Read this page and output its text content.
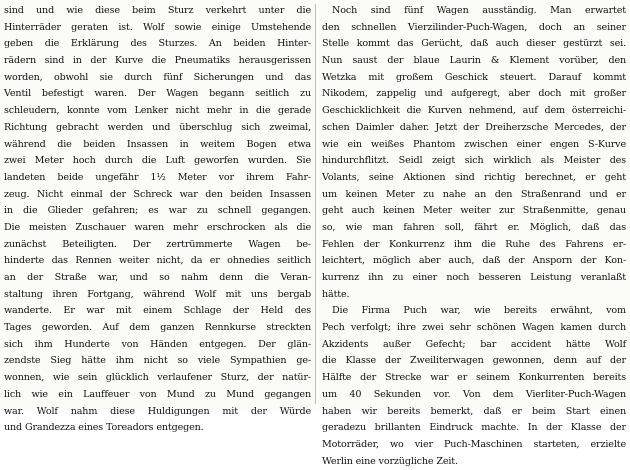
sind und wie diese beim Sturz verkehrt unter die
Hinterräder geraten ist. Wolf sowie einige Umstehende
geben die Erklärung des Sturzes. An beiden Hinter-
rädern sind in der Kurve die Pneumatiks herausgerissen
worden, obwohl sie durch fünf Sicherungen und das
Ventil befestigt waren. Der Wagen begann seitlich zu
schleudern, konnte vom Lenker nicht mehr in die gerade
Richtung gebracht werden und überschlug sich zweimal,
während die beiden Insassen in weitem Bogen etwa
zwei Meter hoch durch die Luft geworfen wurden. Sie
landeten beide ungefähr 1½ Meter vor ihrem Fahr-
zeug. Nicht einmal der Schreck war den beiden Insassen
in die Glieder gefahren; es war zu schnell gegangen.
Die meisten Zuschauer waren mehr erschrocken als die
zunächst Beteiligten. Der zertrümmerte Wagen be-
hinderte das Rennen weiter nicht, da er ohnedies seitlich
an der Straße war, und so nahm denn die Veran-
staltung ihren Fortgang, während Wolf mit uns bergab
wanderte. Er war mit einem Schlage der Held des
Tages geworden. Auf dem ganzen Rennkurse streckten
sich ihm Hunderte von Händen entgegen. Der glän-
zendste Sieg hätte ihm nicht so viele Sympathien ge-
wonnen, wie sein glücklich verlaufener Sturz, der natür-
lich wie ein Lauffeuer von Mund zu Mund gegangen
war. Wolf nahm diese Huldigungen mit der Würde
und Grandezza eines Toreadors entgegen.
Noch sind fünf Wagen ausständig. Man erwartet
den schnellen Vierzilinder-Puch-Wagen, doch an seiner
Stelle kommt das Gerücht, daß auch dieser gestürzt sei.
Nun saust der blaue Laurin & Klement vorüber, den
Wetzka mit großem Geschick steuert. Darauf kommt
Nikodem, zappelig und aufgeregt, aber doch mit großer
Geschicklichkeit die Kurven nehmend, auf dem österreichi-
schen Daimler daher. Jetzt der Dreiherzsche Mercedes, der
wie ein weißes Phantom zwischen einer engen S-Kurve
hindurchflitzt. Seidl zeigt sich wirklich als Meister des
Volants, seine Aktionen sind richtig berechnet, er geht
um keinen Meter zu nahe an den Straßenrand und er
geht auch keinen Meter weiter zur Straßenmitte, genau
so, wie man fahren soll, fährt er. Möglich, daß das
Fehlen der Konkurrenz ihm die Ruhe des Fahrens er-
leichtert, möglich aber auch, daß der Ansporn der Kon-
kurrenz ihn zu einer noch besseren Leistung veranlaßt
hätte.
Die Firma Puch war, wie bereits erwähnt, vom
Pech verfolgt; ihre zwei sehr schönen Wagen kamen durch
Akzidents außer Gefecht; bar accident hätte Wolf
die Klasse der Zweiliterwagen gewonnen, denn auf der
Hälfte der Strecke war er seinem Konkurrenten bereits
um 40 Sekunden vor. Von dem Vierliter-Puch-Wagen
haben wir bereits bemerkt, daß er beim Start einen
geradezu brillanten Eindruck machte. In der Klasse der
Motorräder, wo vier Puch-Maschinen starteten, erzielte
Werlin eine vorzügliche Zeit.
